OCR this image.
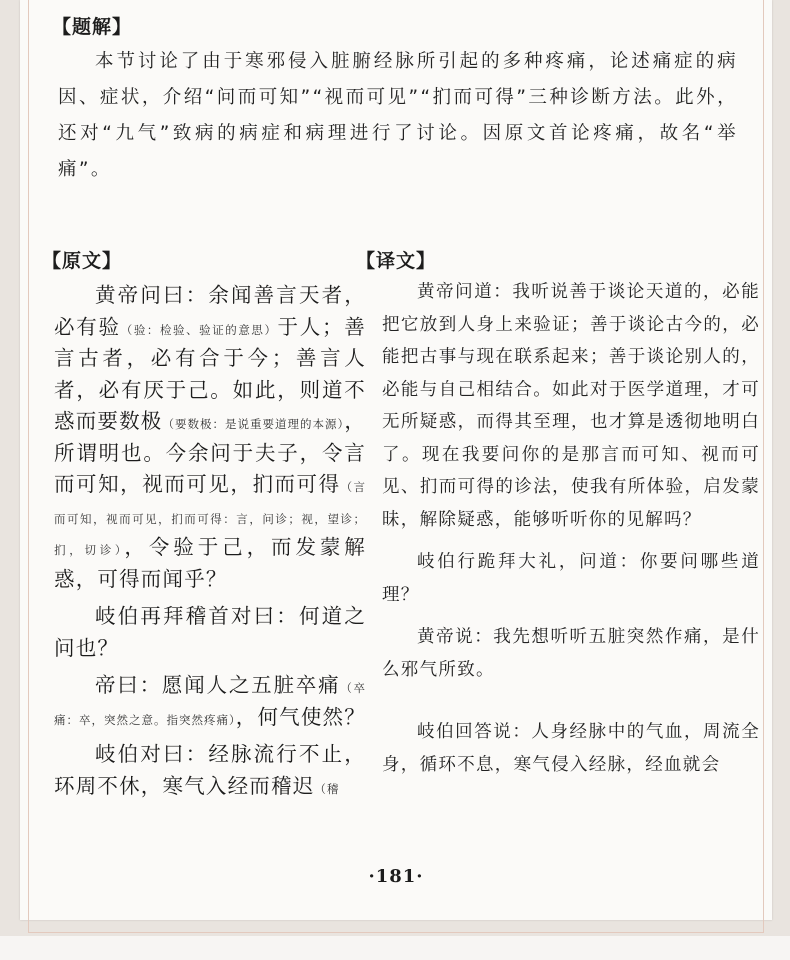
【题解】

本节讨论了由于寒邪侵入脏腑经脉所引起的多种疼痛，论述痛症的病因、症状，介绍“问而可知”“视而可见”“扪而可得”三种诊断方法。此外，还对“九气”致病的病症和病理进行了讨论。因原文首论疼痛，故名“举痛”。

【原文】	【译文】

黄帝问曰：余闻善言天者，必有验（验：检验、验证的意思）于人；善言古者，必有合于今；善言人者，必有厌于己。如此，则道不惑而要数极（要数极：是说重要道理的本源），所谓明也。今余问于夫子，令言而可知，视而可见，扪而可得（言而可知，视而可见，扪而可得：言，问诊；视，望诊；扪，切诊），令验于己，而发蒙解惑，可得而闻乎？

岐伯再拜稽首对曰：何道之问也？

帝曰：愿闻人之五脏卒痛（卒痛：卒，突然之意。指突然疼痛），何气使然？

岐伯对曰：经脉流行不止，环周不休，寒气入经而稽迟（稽

黄帝问道：我听说善于谈论天道的，必能把它放到人身上来验证；善于谈论古今的，必能把古事与现在联系起来；善于谈论别人的，必能与自己相结合。如此对于医学道理，才可无所疑惑，而得其至理，也才算是透彻地明白了。现在我要问你的是那言而可知、视而可见、扪而可得的诊法，使我有所体验，启发蒙昧，解除疑惑，能够听听你的见解吗？

岐伯行跪拜大礼，问道：你要问哪些道理？

黄帝说：我先想听听五脏突然作痛，是什么邪气所致。

岐伯回答说：人身经脉中的气血，周流全身，循环不息，寒气侵入经脉，经血就会

·181·
